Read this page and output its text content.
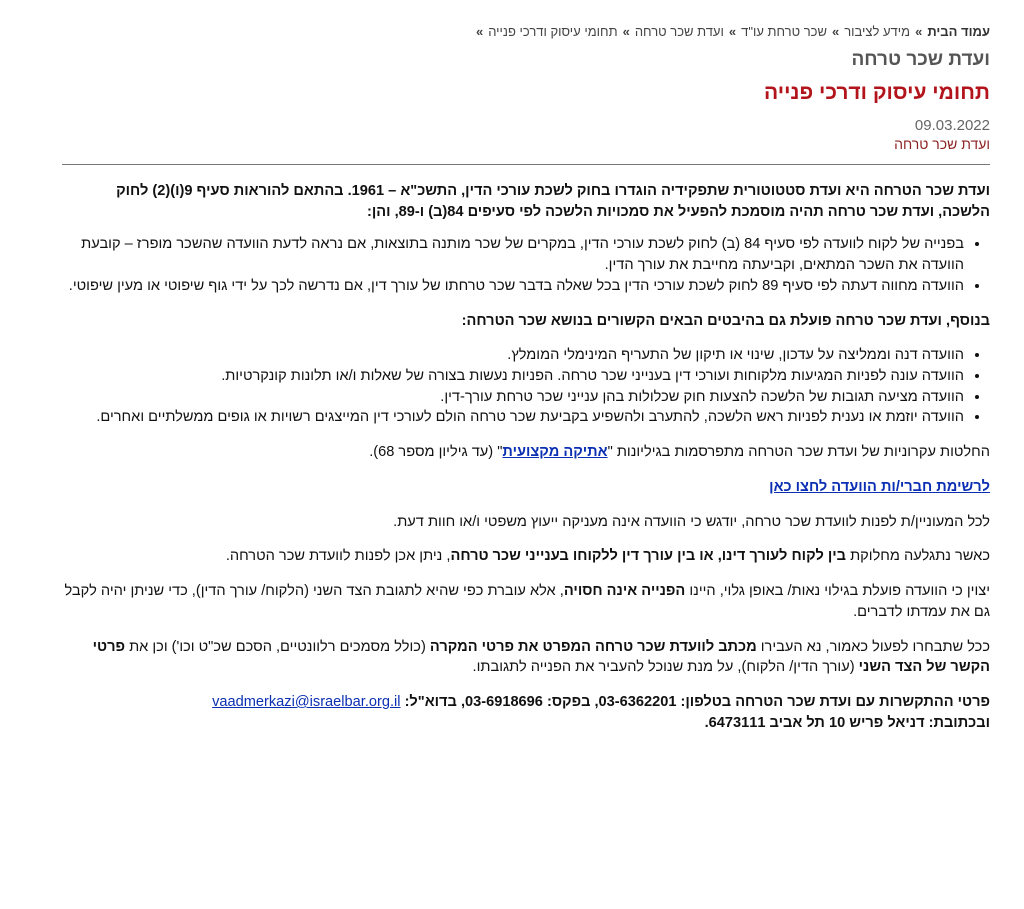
עמוד הבית
»
מידע לציבור
»
שכר טרחת עו"ד
»
ועדת שכר טרחה
»
תחומי עיסוק ודרכי פנייה
»
ועדת שכר טרחה
תחומי עיסוק ודרכי פנייה
09.03.2022
ועדת שכר טרחה

ועדת שכר הטרחה היא ועדת סטטוטורית שתפקידיה הוגדרו בחוק לשכת עורכי הדין, התשכ"א – 1961. בהתאם להוראות סעיף 9(ו)(2) לחוק הלשכה, ועדת שכר טרחה תהיה מוסמכת להפעיל את סמכויות הלשכה לפי סעיפים 84(ב) ו-89, והן:

• בפנייה של לקוח לוועדה לפי סעיף 84 (ב) לחוק לשכת עורכי הדין, במקרים של שכר מותנה בתוצאות, אם נראה לדעת הוועדה שהשכר מופרז – קובעת הוועדה את השכר המתאים, וקביעתה מחייבת את עורך הדין.
• הוועדה מחווה דעתה לפי סעיף 89 לחוק לשכת עורכי הדין בכל שאלה בדבר שכר טרחתו של עורך דין, אם נדרשה לכך על ידי גוף שיפוטי או מעין שיפוטי.

בנוסף, ועדת שכר טרחה פועלת גם בהיבטים הבאים הקשורים בנושא שכר הטרחה:

• הוועדה דנה וממליצה על עדכון, שינוי או תיקון של התעריף המינימלי המומלץ.
• הוועדה עונה לפניות המגיעות מלקוחות ועורכי דין בענייני שכר טרחה. הפניות נעשות בצורה של שאלות ו/או תלונות קונקרטיות.
• הוועדה מציעה תגובות של הלשכה להצעות חוק שכלולות בהן ענייני שכר טרחת עורך-דין.
• הוועדה יוזמת או נענית לפניות ראש הלשכה, להתערב ולהשפיע בקביעת שכר טרחה הולם לעורכי דין המייצגים רשויות או גופים ממשלתיים ואחרים.

החלטות עקרוניות של ועדת שכר הטרחה מתפרסמות בגיליונות "אתיקה מקצועית" (עד גיליון מספר 68).

לרשימת חברי/ות הוועדה לחצו כאן

לכל המעוניין/ת לפנות לוועדת שכר טרחה, יודגש כי הוועדה אינה מעניקה ייעוץ משפטי ו/או חוות דעת.

כאשר נתגלעה מחלוקת בין לקוח לעורך דינו, או בין עורך דין ללקוחו בענייני שכר טרחה, ניתן אכן לפנות לוועדת שכר הטרחה.

יצוין כי הוועדה פועלת בגילוי נאות/ באופן גלוי, היינו הפנייה אינה חסויה, אלא עוברת כפי שהיא לתגובת הצד השני (הלקוח/ עורך הדין), כדי שניתן יהיה לקבל גם את עמדתו לדברים.

ככל שתבחרו לפעול כאמור, נא העבירו מכתב לוועדת שכר טרחה המפרט את פרטי המקרה (כולל מסמכים רלוונטיים, הסכם שכ"ט וכו') וכן את פרטי הקשר של הצד השני (עורך הדין/ הלקוח), על מנת שנוכל להעביר את הפנייה לתגובתו.

פרטי ההתקשרות עם ועדת שכר הטרחה בטלפון: 03-6362201, בפקס: 03-6918696, בדוא"ל: vaadmerkazi@israelbar.org.il
ובכתובת: דניאל פריש 10 תל אביב 6473111.
